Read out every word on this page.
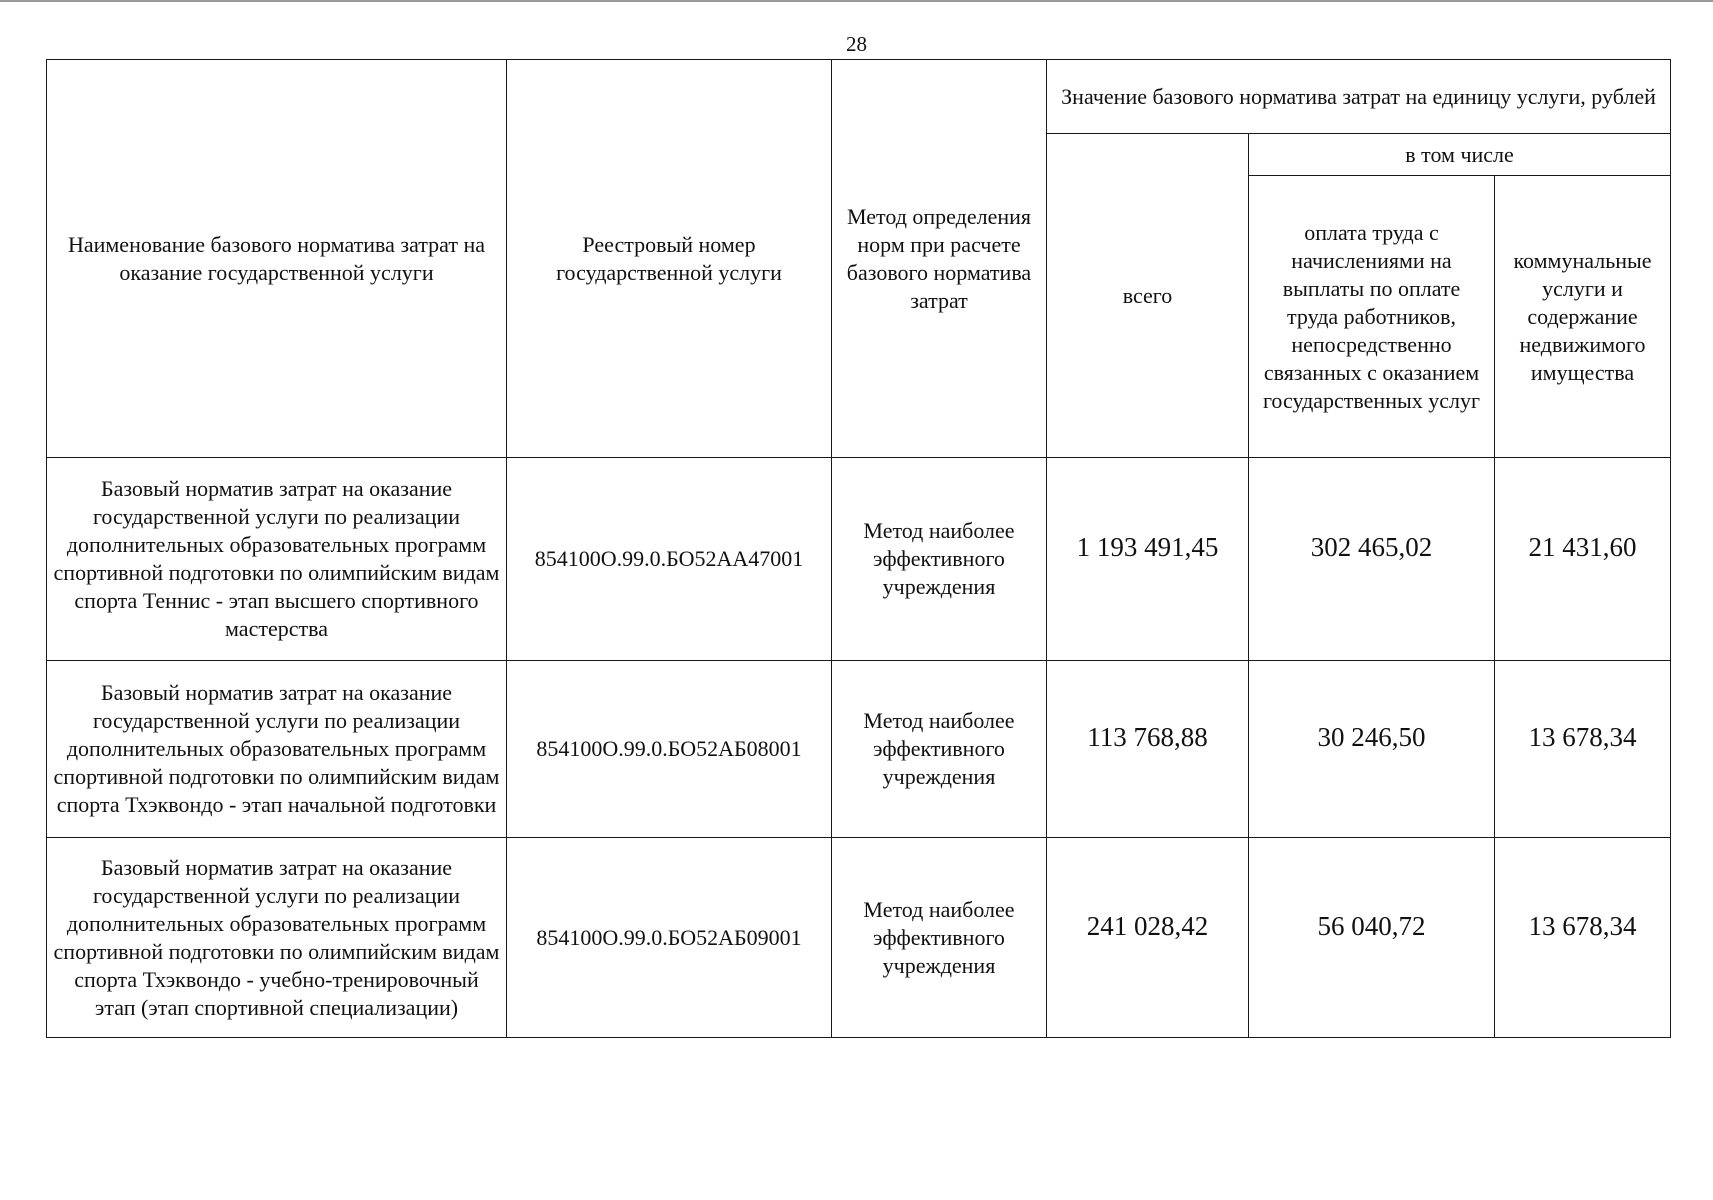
28
Наименование базового норматива затрат на оказание государственной услуги	Реестровый номер государственной услуги	Метод определения норм при расчете базового норматива затрат	Значение базового норматива затрат на единицу услуги, рублей		
			всего	в том числе	
				оплата труда с начислениями на выплаты по оплате труда работников, непосредственно связанных с оказанием государственных услуг	коммунальные услуги и содержание недвижимого имущества
Базовый норматив затрат на оказание государственной услуги по реализации дополнительных образовательных программ спортивной подготовки по олимпийским видам спорта Теннис - этап высшего спортивного мастерства	854100О.99.0.БО52АА47001	Метод наиболее эффективного учреждения	1 193 491,45	302 465,02	21 431,60
Базовый норматив затрат на оказание государственной услуги по реализации дополнительных образовательных программ спортивной подготовки по олимпийским видам спорта Тхэквондо - этап начальной подготовки	854100О.99.0.БО52АБ08001	Метод наиболее эффективного учреждения	113 768,88	30 246,50	13 678,34
Базовый норматив затрат на оказание государственной услуги по реализации дополнительных образовательных программ спортивной подготовки по олимпийским видам спорта Тхэквондо - учебно-тренировочный этап (этап спортивной специализации)	854100О.99.0.БО52АБ09001	Метод наиболее эффективного учреждения	241 028,42	56 040,72	13 678,34
